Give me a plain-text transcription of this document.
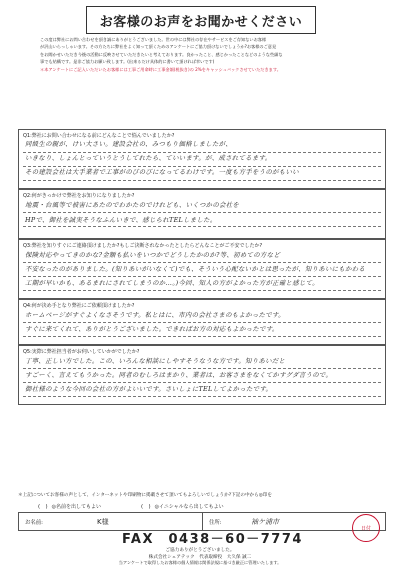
お客様のお声をお聞かせください
この度は弊社にお問い合わせを頂き誠にありがとうございました。世の中には弊社の存在やサービスをご存知ないお客様
が沢山いらっしゃいます。その方たちに弊社をよく知って頂くためのアンケートにご協力頂けないでしょうか?お客様のご意見
をお聞かせいただき今後の活動に反映させていただきたいと考えております。良かったこと、感じかったことなどのような些細な
事でも結構です。是非ご協力お願い致します。(出来るだけ具体的に書いて頂ければ幸いです)
＊本アンケートにご記入いただいたお客様には工事ご用命時に工事金額(税抜き)の 2%をキャッシュバックさせていただきます。
Q1:弊社にお問い合わせになる前にどんなことで悩んでいましたか?
同級生の親が、けい大さい。建設会社の、みつもり価格しましたが、
いきなり、しょんとっていうとうしてれたら、ていいます。が、成されてるます。
その建設会社は大手業者で工事がのびのびになってるわけです。一度も方手をうのがもいい
Q2:何がきっかけで弊社をお知りになりましたか?
地震・台風等で被害にあたのでわかたのでけれども、いくつかの会社を
HPで、御社を誠実そうなふんいきで、感じられTELしました。
Q3:弊社を知りすぐにご連絡頂けましたか?もしご決断されなかったとしたらどんなことがご不安でしたか?
保険対応やってきのかな?金額も払いをいつかでどうしたかのか?等、初めての方など
不安なったのがありました。(知りあいがいなくて)でも、そういう心配ないかとは思ったが、知りあいにもかわる
工期が早いかも、あるまれにされてしまうのか…。)今回、知人の方がよかった方が正確と感じて。
Q4:何が決め手となり弊社にご依頼頂けましたか?
ホームページがすぐよくなさそうです。私とはに、市内の会社さまのもよかったです。
すぐに来てくれて、ありがとうございました。できればお方の対応もよかったです。
Q5:実際に弊社担当者がお伺いしていかがでしたか?
丁寧、正しい方でした。この、いろんな相談にしやすそうなうな方です。知りあいだと
すごーく、言えてもうかった。同者のむしろはまかり、業者は、お客さまをなくてかすグダ言うので。
御社様のような今回の会社の方がよいいです。さいしょにTELしてよかったです。
＊上記についてお客様の声として、インターネットや印刷物に掲載させて頂いてもよろしいでしょうか?下記の中から◎印を
(　) ◎名前を出してもよい	(　) ◎イニシャルなら出してもよい
お名前:	K様	住所:	袖ケ浦市
FAX　0438－60－7774
日付
ご協力ありがとうございました。
株式会社シェアテック　代表取締役　大久保 誠二
当アンケートで取得したお客様の個人情報は関係法規に基づき厳正に管理いたします。
